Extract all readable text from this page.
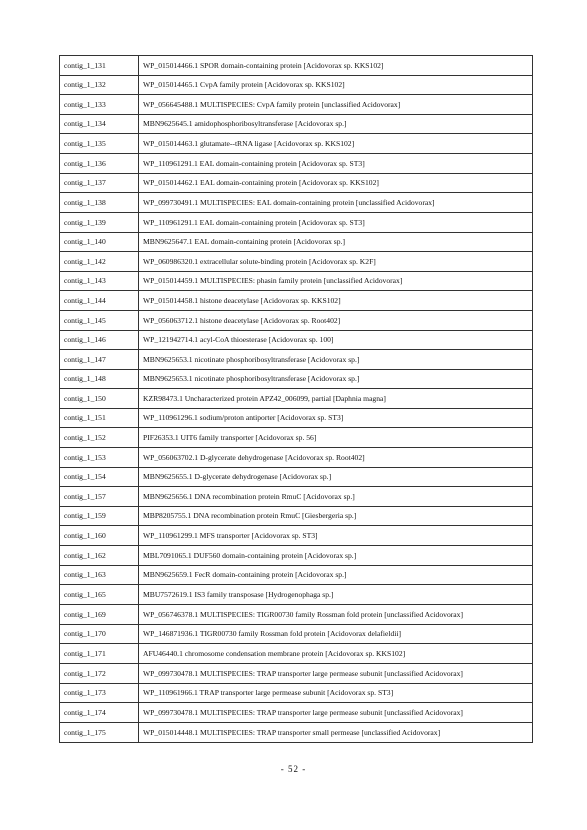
contig_1_131	WP_015014466.1 SPOR domain-containing protein [Acidovorax sp. KKS102]
contig_1_132	WP_015014465.1 CvpA family protein [Acidovorax sp. KKS102]
contig_1_133	WP_056645488.1 MULTISPECIES: CvpA family protein [unclassified Acidovorax]
contig_1_134	MBN9625645.1 amidophosphoribosyltransferase [Acidovorax sp.]
contig_1_135	WP_015014463.1 glutamate--tRNA ligase [Acidovorax sp. KKS102]
contig_1_136	WP_110961291.1 EAL domain-containing protein [Acidovorax sp. ST3]
contig_1_137	WP_015014462.1 EAL domain-containing protein [Acidovorax sp. KKS102]
contig_1_138	WP_099730491.1 MULTISPECIES: EAL domain-containing protein [unclassified Acidovorax]
contig_1_139	WP_110961291.1 EAL domain-containing protein [Acidovorax sp. ST3]
contig_1_140	MBN9625647.1 EAL domain-containing protein [Acidovorax sp.]
contig_1_142	WP_060986320.1 extracellular solute-binding protein [Acidovorax sp. K2F]
contig_1_143	WP_015014459.1 MULTISPECIES: phasin family protein [unclassified Acidovorax]
contig_1_144	WP_015014458.1 histone deacetylase [Acidovorax sp. KKS102]
contig_1_145	WP_056063712.1 histone deacetylase [Acidovorax sp. Root402]
contig_1_146	WP_121942714.1 acyl-CoA thioesterase [Acidovorax sp. 100]
contig_1_147	MBN9625653.1 nicotinate phosphoribosyltransferase [Acidovorax sp.]
contig_1_148	MBN9625653.1 nicotinate phosphoribosyltransferase [Acidovorax sp.]
contig_1_150	KZR98473.1 Uncharacterized protein APZ42_006099, partial [Daphnia magna]
contig_1_151	WP_110961296.1 sodium/proton antiporter [Acidovorax sp. ST3]
contig_1_152	PIF26353.1 UIT6 family transporter [Acidovorax sp. 56]
contig_1_153	WP_056063702.1 D-glycerate dehydrogenase [Acidovorax sp. Root402]
contig_1_154	MBN9625655.1 D-glycerate dehydrogenase [Acidovorax sp.]
contig_1_157	MBN9625656.1 DNA recombination protein RmuC [Acidovorax sp.]
contig_1_159	MBP8205755.1 DNA recombination protein RmuC [Giesbergeria sp.]
contig_1_160	WP_110961299.1 MFS transporter [Acidovorax sp. ST3]
contig_1_162	MBL7091065.1 DUF560 domain-containing protein [Acidovorax sp.]
contig_1_163	MBN9625659.1 FecR domain-containing protein [Acidovorax sp.]
contig_1_165	MBU7572619.1 IS3 family transposase [Hydrogenophaga sp.]
contig_1_169	WP_056746378.1 MULTISPECIES: TIGR00730 family Rossman fold protein [unclassified Acidovorax]
contig_1_170	WP_146871936.1 TIGR00730 family Rossman fold protein [Acidovorax delafieldii]
contig_1_171	AFU46440.1 chromosome condensation membrane protein [Acidovorax sp. KKS102]
contig_1_172	WP_099730478.1 MULTISPECIES: TRAP transporter large permease subunit [unclassified Acidovorax]
contig_1_173	WP_110961966.1 TRAP transporter large permease subunit [Acidovorax sp. ST3]
contig_1_174	WP_099730478.1 MULTISPECIES: TRAP transporter large permease subunit [unclassified Acidovorax]
contig_1_175	WP_015014448.1 MULTISPECIES: TRAP transporter small permease [unclassified Acidovorax]
- 52 -
